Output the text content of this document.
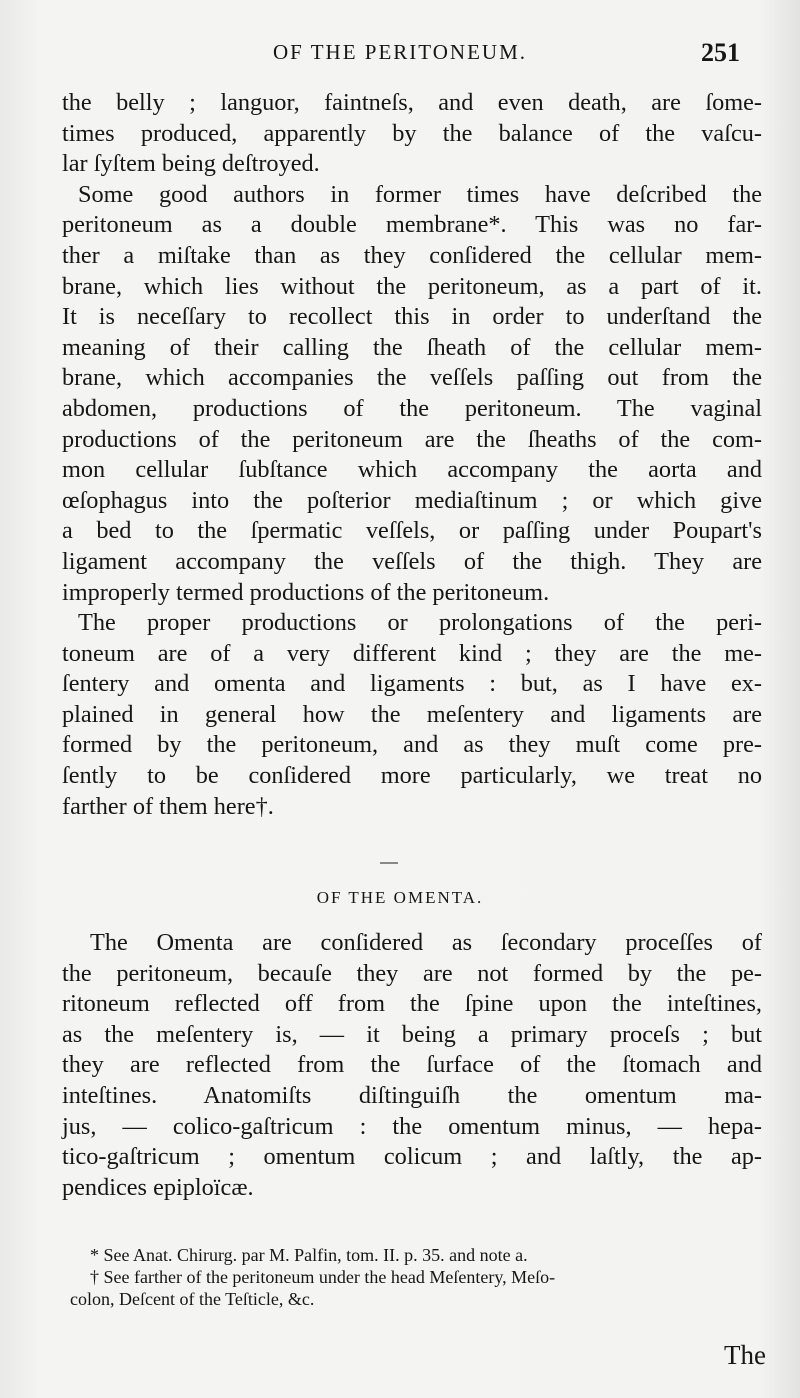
OF THE PERITONEUM.	251
the belly ; languor, faintneſs, and even death, are ſome-
times produced, apparently by the balance of the vaſcu-
lar ſyſtem being deſtroyed.
Some good authors in former times have deſcribed the
peritoneum as a double membrane*. This was no far-
ther a miſtake than as they conſidered the cellular mem-
brane, which lies without the peritoneum, as a part of it.
It is neceſſary to recollect this in order to underſtand the
meaning of their calling the ſheath of the cellular mem-
brane, which accompanies the veſſels paſſing out from the
abdomen, productions of the peritoneum. The vaginal
productions of the peritoneum are the ſheaths of the com-
mon cellular ſubſtance which accompany the aorta and
œſophagus into the poſterior mediaſtinum ; or which give
a bed to the ſpermatic veſſels, or paſſing under Poupart's
ligament accompany the veſſels of the thigh. They are
improperly termed productions of the peritoneum.
The proper productions or prolongations of the peri-
toneum are of a very different kind ; they are the me-
ſentery and omenta and ligaments : but, as I have ex-
plained in general how the meſentery and ligaments are
formed by the peritoneum, and as they muſt come pre-
ſently to be conſidered more particularly, we treat no
farther of them here†.
OF THE OMENTA.
The Omenta are conſidered as ſecondary proceſſes of
the peritoneum, becauſe they are not formed by the pe-
ritoneum reflected off from the ſpine upon the inteſtines,
as the meſentery is, — it being a primary proceſs ; but
they are reflected from the ſurface of the ſtomach and
inteſtines. Anatomiſts diſtinguiſh the omentum ma-
jus, — colico-gaſtricum : the omentum minus, — hepa-
tico-gaſtricum ; omentum colicum ; and laſtly, the ap-
pendices epiploïcæ.
* See Anat. Chirurg. par M. Palfin, tom. II. p. 35. and note a.
† See farther of the peritoneum under the head Meſentery, Meſo-
colon, Deſcent of the Teſticle, &c.
The
